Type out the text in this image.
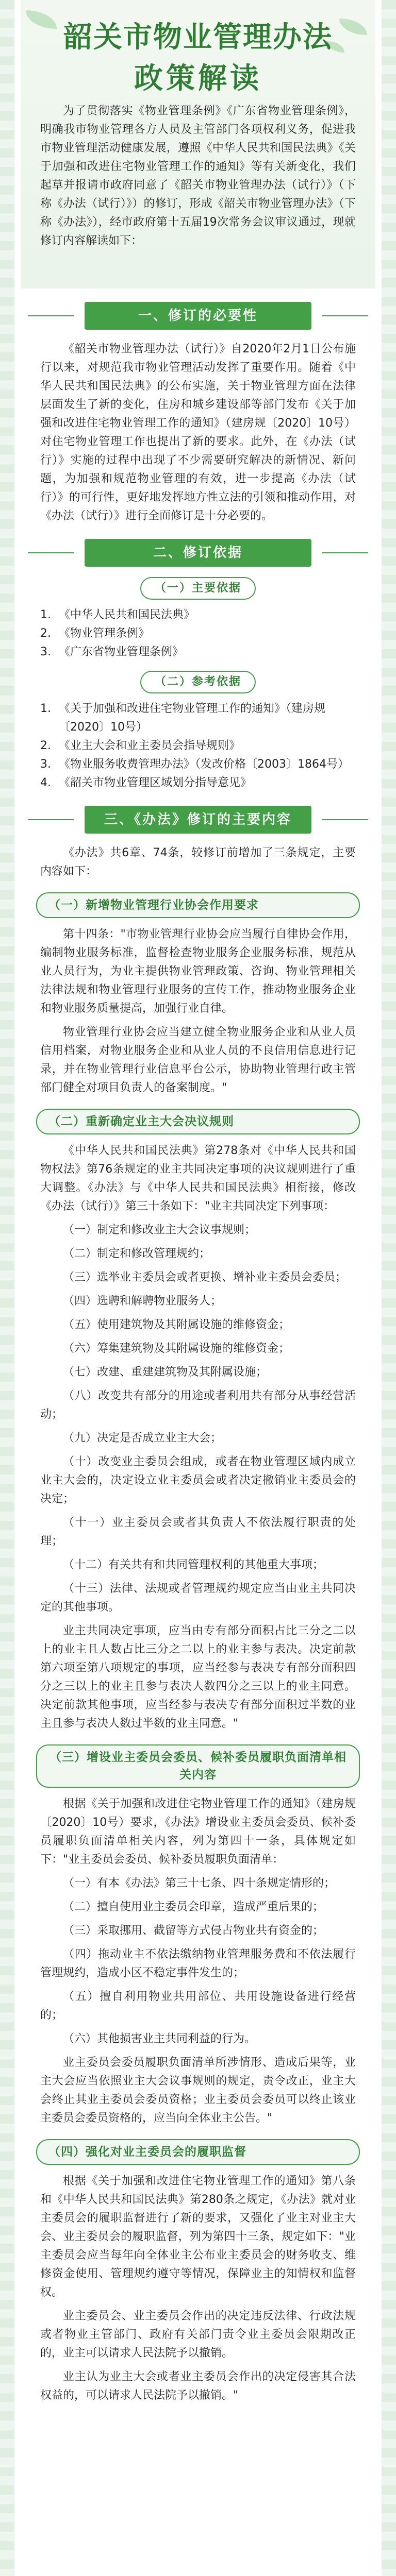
韶关市物业管理办法
政策解读
为了贯彻落实《物业管理条例》《广东省物业管理条例》，明确我市物业管理各方人员及主管部门各项权利义务，促进我市物业管理活动健康发展，遵照《中华人民共和国民法典》《关于加强和改进住宅物业管理工作的通知》等有关新变化，我们起草并报请市政府同意了《韶关市物业管理办法（试行）》（下称《办法（试行）》）的修订，形成《韶关市物业管理办法》（下称《办法》），经市政府第十五届19次常务会议审议通过，现就修订内容解读如下：
一、修订的必要性

《韶关市物业管理办法（试行）》自2020年2月1日公布施行以来，对规范我市物业管理活动发挥了重要作用。随着《中华人民共和国民法典》的公布实施，关于物业管理方面在法律层面发生了新的变化，住房和城乡建设部等部门发布《关于加强和改进住宅物业管理工作的通知》（建房规〔2020〕10号）对住宅物业管理工作也提出了新的要求。此外，在《办法（试行）》实施的过程中出现了不少需要研究解决的新情况、新问题，为加强和规范物业管理的有效，进一步提高《办法（试行）》的可行性，更好地发挥地方性立法的引领和推动作用，对《办法（试行）》进行全面修订是十分必要的。

二、修订依据
（一）主要依据
1. 《中华人民共和国民法典》
2. 《物业管理条例》
3. 《广东省物业管理条例》
（二）参考依据
1. 《关于加强和改进住宅物业管理工作的通知》（建房规〔2020〕10号）
2. 《业主大会和业主委员会指导规则》
3. 《物业服务收费管理办法》（发改价格〔2003〕1864号）
4. 《韶关市物业管理区域划分指导意见》
三、《办法》修订的主要内容

《办法》共6章、74条，较修订前增加了三条规定，主要内容如下：

（一）新增物业管理行业协会作用要求

第十四条："市物业管理行业协会应当履行自律协会作用，编制物业服务标准，监督检查物业服务企业服务标准，规范从业人员行为，为业主提供物业管理政策、咨询、物业管理相关法律法规和物业管理行业服务的宣传工作，推动物业服务企业和物业服务质量提高，加强行业自律。

物业管理行业协会应当建立健全物业服务企业和从业人员信用档案，对物业服务企业和从业人员的不良信用信息进行记录，并在物业管理行业信息平台公示，协助物业管理行政主管部门健全对项目负责人的备案制度。"

（二）重新确定业主大会决议规则

《中华人民共和国民法典》第278条对《中华人民共和国物权法》第76条规定的业主共同决定事项的决议规则进行了重大调整。《办法》与《中华人民共和国民法典》相衔接，修改《办法（试行）》第三十条如下："业主共同决定下列事项：

（一）制定和修改业主大会议事规则；

（二）制定和修改管理规约；

（三）选举业主委员会或者更换、增补业主委员会委员；

（四）选聘和解聘物业服务人；

（五）使用建筑物及其附属设施的维修资金；

（六）筹集建筑物及其附属设施的维修资金；

（七）改建、重建建筑物及其附属设施；

（八）改变共有部分的用途或者利用共有部分从事经营活动；

（九）决定是否成立业主大会；

（十）改变业主委员会组成，或者在物业管理区域内成立业主大会的，决定设立业主委员会或者决定撤销业主委员会的决定；

（十一）业主委员会或者其负责人不依法履行职责的处理；

（十二）有关共有和共同管理权利的其他重大事项；

（十三）法律、法规或者管理规约规定应当由业主共同决定的其他事项。

业主共同决定事项，应当由专有部分面积占比三分之二以上的业主且人数占比三分之二以上的业主参与表决。决定前款第六项至第八项规定的事项，应当经参与表决专有部分面积四分之三以上的业主且参与表决人数四分之三以上的业主同意。决定前款其他事项，应当经参与表决专有部分面积过半数的业主且参与表决人数过半数的业主同意。"

（三）增设业主委员会委员、候补委员履职负面清单相关内容

根据《关于加强和改进住宅物业管理工作的通知》（建房规〔2020〕10号）要求，《办法》增设业主委员会委员、候补委员履职负面清单相关内容，列为第四十一条，具体规定如下："业主委员会委员、候补委员履职负面清单：

（一）有本《办法》第三十七条、四十条规定情形的；

（二）擅自使用业主委员会印章，造成严重后果的；

（三）采取挪用、截留等方式侵占物业共有资金的；

（四）拖动业主不依法缴纳物业管理服务费和不依法履行管理规约，造成小区不稳定事件发生的；

（五）擅自利用物业共用部位、共用设施设备进行经营的；

（六）其他损害业主共同利益的行为。

业主委员会委员履职负面清单所涉情形、造成后果等，业主大会应当依照业主大会议事规则的规定，责令改正，业主大会终止其业主委员会委员资格；业主委员会委员可以终止该业主委员会委员资格的，应当向全体业主公告。"

（四）强化对业主委员会的履职监督

根据《关于加强和改进住宅物业管理工作的通知》第八条和《中华人民共和国民法典》第280条之规定，《办法》就对业主委员会的履职监督进行了新的要求，又强化了业主对业主大会、业主委员会的履职监督，列为第四十三条，规定如下："业主委员会应当每年向全体业主公布业主委员会的财务收支、维修资金使用、管理规约遵守等情况，保障业主的知情权和监督权。

业主委员会、业主委员会作出的决定违反法律、行政法规或者物业主管部门、政府有关部门责令业主委员会限期改正的，业主可以请求人民法院予以撤销。

业主认为业主大会或者业主委员会作出的决定侵害其合法权益的，可以请求人民法院予以撤销。"
